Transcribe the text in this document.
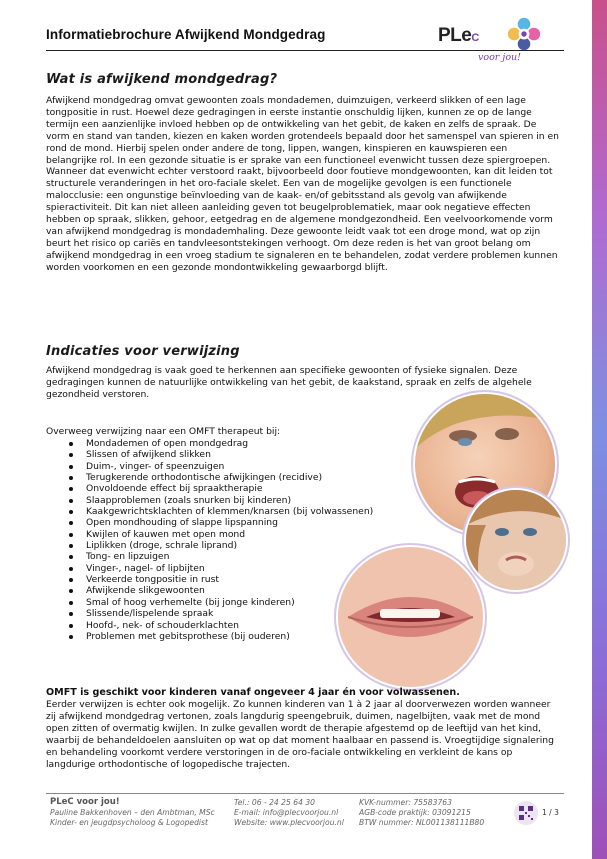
Informatiebrochure Afwijkend Mondgedrag	PLeC
voor jou!
Wat is afwijkend mondgedrag?

Afwijkend mondgedrag omvat gewoonten zoals mondademen, duimzuigen, verkeerd slikken of een lage tongpositie in rust. Hoewel deze gedragingen in eerste instantie onschuldig lijken, kunnen ze op de lange termijn een aanzienlijke invloed hebben op de ontwikkeling van het gebit, de kaken en zelfs de spraak. De vorm en stand van tanden, kiezen en kaken worden grotendeels bepaald door het samenspel van spieren in en rond de mond. Hierbij spelen onder andere de tong, lippen, wangen, kinspieren en kauwspieren een belangrijke rol. In een gezonde situatie is er sprake van een functioneel evenwicht tussen deze spiergroepen. Wanneer dat evenwicht echter verstoord raakt, bijvoorbeeld door foutieve mondgewoonten, kan dit leiden tot structurele veranderingen in het oro-faciale skelet. Een van de mogelijke gevolgen is een functionele malocclusie: een ongunstige beïnvloeding van de kaak- en/of gebitsstand als gevolg van afwijkende spieractiviteit. Dit kan niet alleen aanleiding geven tot beugelproblematiek, maar ook negatieve effecten hebben op spraak, slikken, gehoor, eetgedrag en de algemene mondgezondheid. Een veelvoorkomende vorm van afwijkend mondgedrag is mondademhaling. Deze gewoonte leidt vaak tot een droge mond, wat op zijn beurt het risico op cariës en tandvleesontstekingen verhoogt. Om deze reden is het van groot belang om afwijkend mondgedrag in een vroeg stadium te signaleren en te behandelen, zodat verdere problemen kunnen worden voorkomen en een gezonde mondontwikkeling gewaarborgd blijft.

Indicaties voor verwijzing

Afwijkend mondgedrag is vaak goed te herkennen aan specifieke gewoonten of fysieke signalen. Deze gedragingen kunnen de natuurlijke ontwikkeling van het gebit, de kaakstand, spraak en zelfs de algehele gezondheid verstoren.

Overweeg verwijzing naar een OMFT therapeut bij:

Mondademen of open mondgedrag
Slissen of afwijkend slikken
Duim-, vinger- of speenzuigen
Terugkerende orthodontische afwijkingen (recidive)
Onvoldoende effect bij spraaktherapie
Slaapproblemen (zoals snurken bij kinderen)
Kaakgewrichtsklachten of klemmen/knarsen (bij volwassenen)
Open mondhouding of slappe lipspanning
Kwijlen of kauwen met open mond
Liplikken (droge, schrale liprand)
Tong- en lipzuigen
Vinger-, nagel- of lipbijten
Verkeerde tongpositie in rust
Afwijkende slikgewoonten
Smal of hoog verhemelte (bij jonge kinderen)
Slissende/lispelende spraak
Hoofd-, nek- of schouderklachten
Problemen met gebitsprothese (bij ouderen)

OMFT is geschikt voor kinderen vanaf ongeveer 4 jaar én voor volwassenen.

Eerder verwijzen is echter ook mogelijk. Zo kunnen kinderen van 1 à 2 jaar al doorverwezen worden wanneer zij afwijkend mondgedrag vertonen, zoals langdurig speengebruik, duimen, nagelbijten, vaak met de mond open zitten of overmatig kwijlen. In zulke gevallen wordt de therapie afgestemd op de leeftijd van het kind, waarbij de behandeldoelen aansluiten op wat op dat moment haalbaar en passend is. Vroegtijdige signalering en behandeling voorkomt verdere verstoringen in de oro-faciale ontwikkeling en verkleint de kans op langdurige orthodontische of logopedische trajecten.

PLeC voor jou!
Pauline Bakkenhoven – den Ambtman, MSc
Kinder- en jeugdpsycholoog & Logopedist
Tel.: 06 - 24 25 64 30
E-mail: info@plecvoorjou.nl
Website: www.plecvoorjou.nl
KVK-nummer: 75583763
AGB-code praktijk: 03091215
BTW nummer: NL001138111B80
1 / 3
